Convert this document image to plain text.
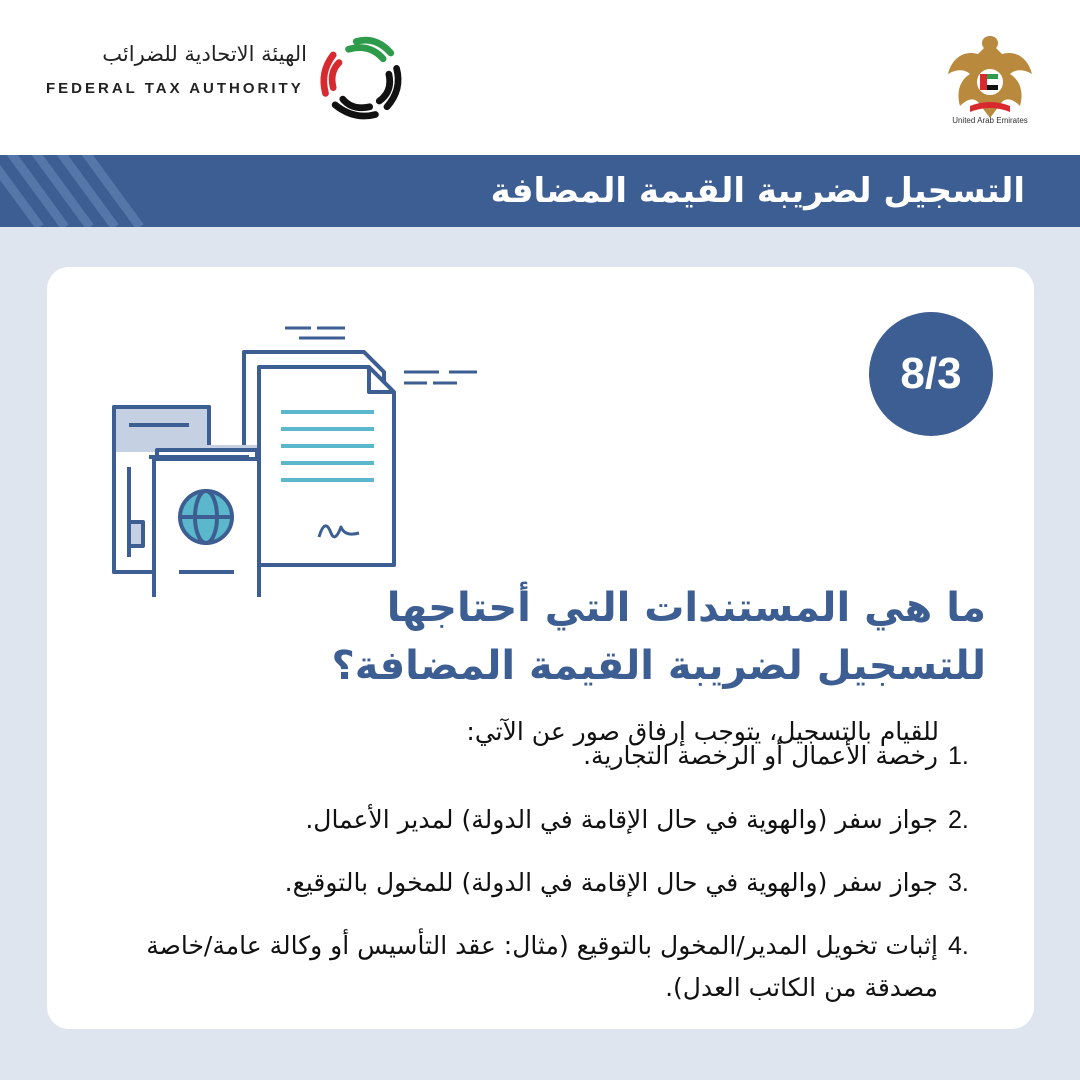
الهيئة الاتحادية للضرائب
FEDERAL TAX AUTHORITY
United Arab Emirates
التسجيل لضريبة القيمة المضافة
8/3
ما هي المستندات التي أحتاجها
للتسجيل لضريبة القيمة المضافة؟
للقيام بالتسجيل، يتوجب إرفاق صور عن الآتي:
1.
رخصة الأعمال أو الرخصة التجارية.
2.
جواز سفر (والهوية في حال الإقامة في الدولة) لمدير الأعمال.
3.
جواز سفر (والهوية في حال الإقامة في الدولة) للمخول بالتوقيع.
4.
إثبات تخويل المدير/المخول بالتوقيع (مثال: عقد التأسيس أو وكالة عامة/خاصة مصدقة من الكاتب العدل).
